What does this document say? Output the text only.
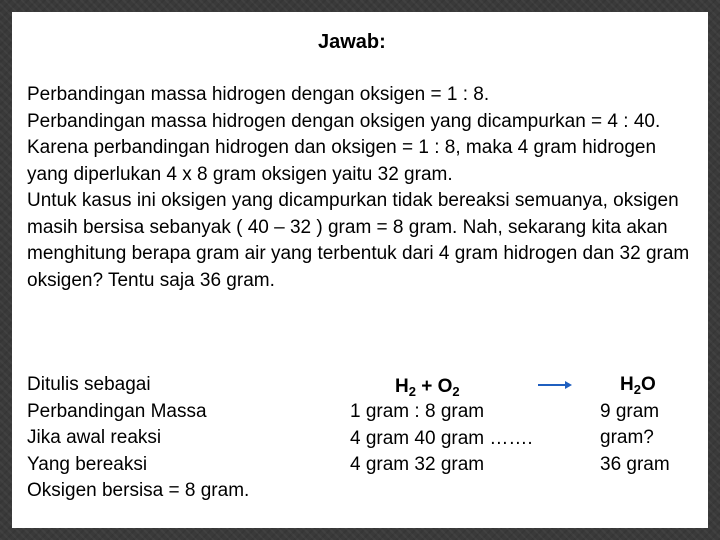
Jawab:

Perbandingan massa hidrogen dengan oksigen = 1 : 8.

Perbandingan massa hidrogen dengan oksigen yang dicampurkan = 4 : 40.

Karena perbandingan hidrogen dan oksigen = 1 : 8, maka 4 gram hidrogen yang diperlukan 4 x 8 gram oksigen yaitu 32 gram.

Untuk kasus ini oksigen yang dicampurkan tidak bereaksi semuanya, oksigen masih bersisa sebanyak ( 40 – 32 ) gram = 8 gram. Nah, sekarang kita akan menghitung berapa gram air yang terbentuk dari 4 gram hidrogen dan 32 gram oksigen? Tentu saja 36 gram.

Ditulis sebagai
Perbandingan Massa
Jika awal reaksi
Yang bereaksi
Oksigen bersisa = 8 gram.
$H_2 + O_2$
1 gram : 8 gram
4 gram 40 gram …….
4 gram 32 gram
$H_2O$
9 gram
gram?
36 gram
